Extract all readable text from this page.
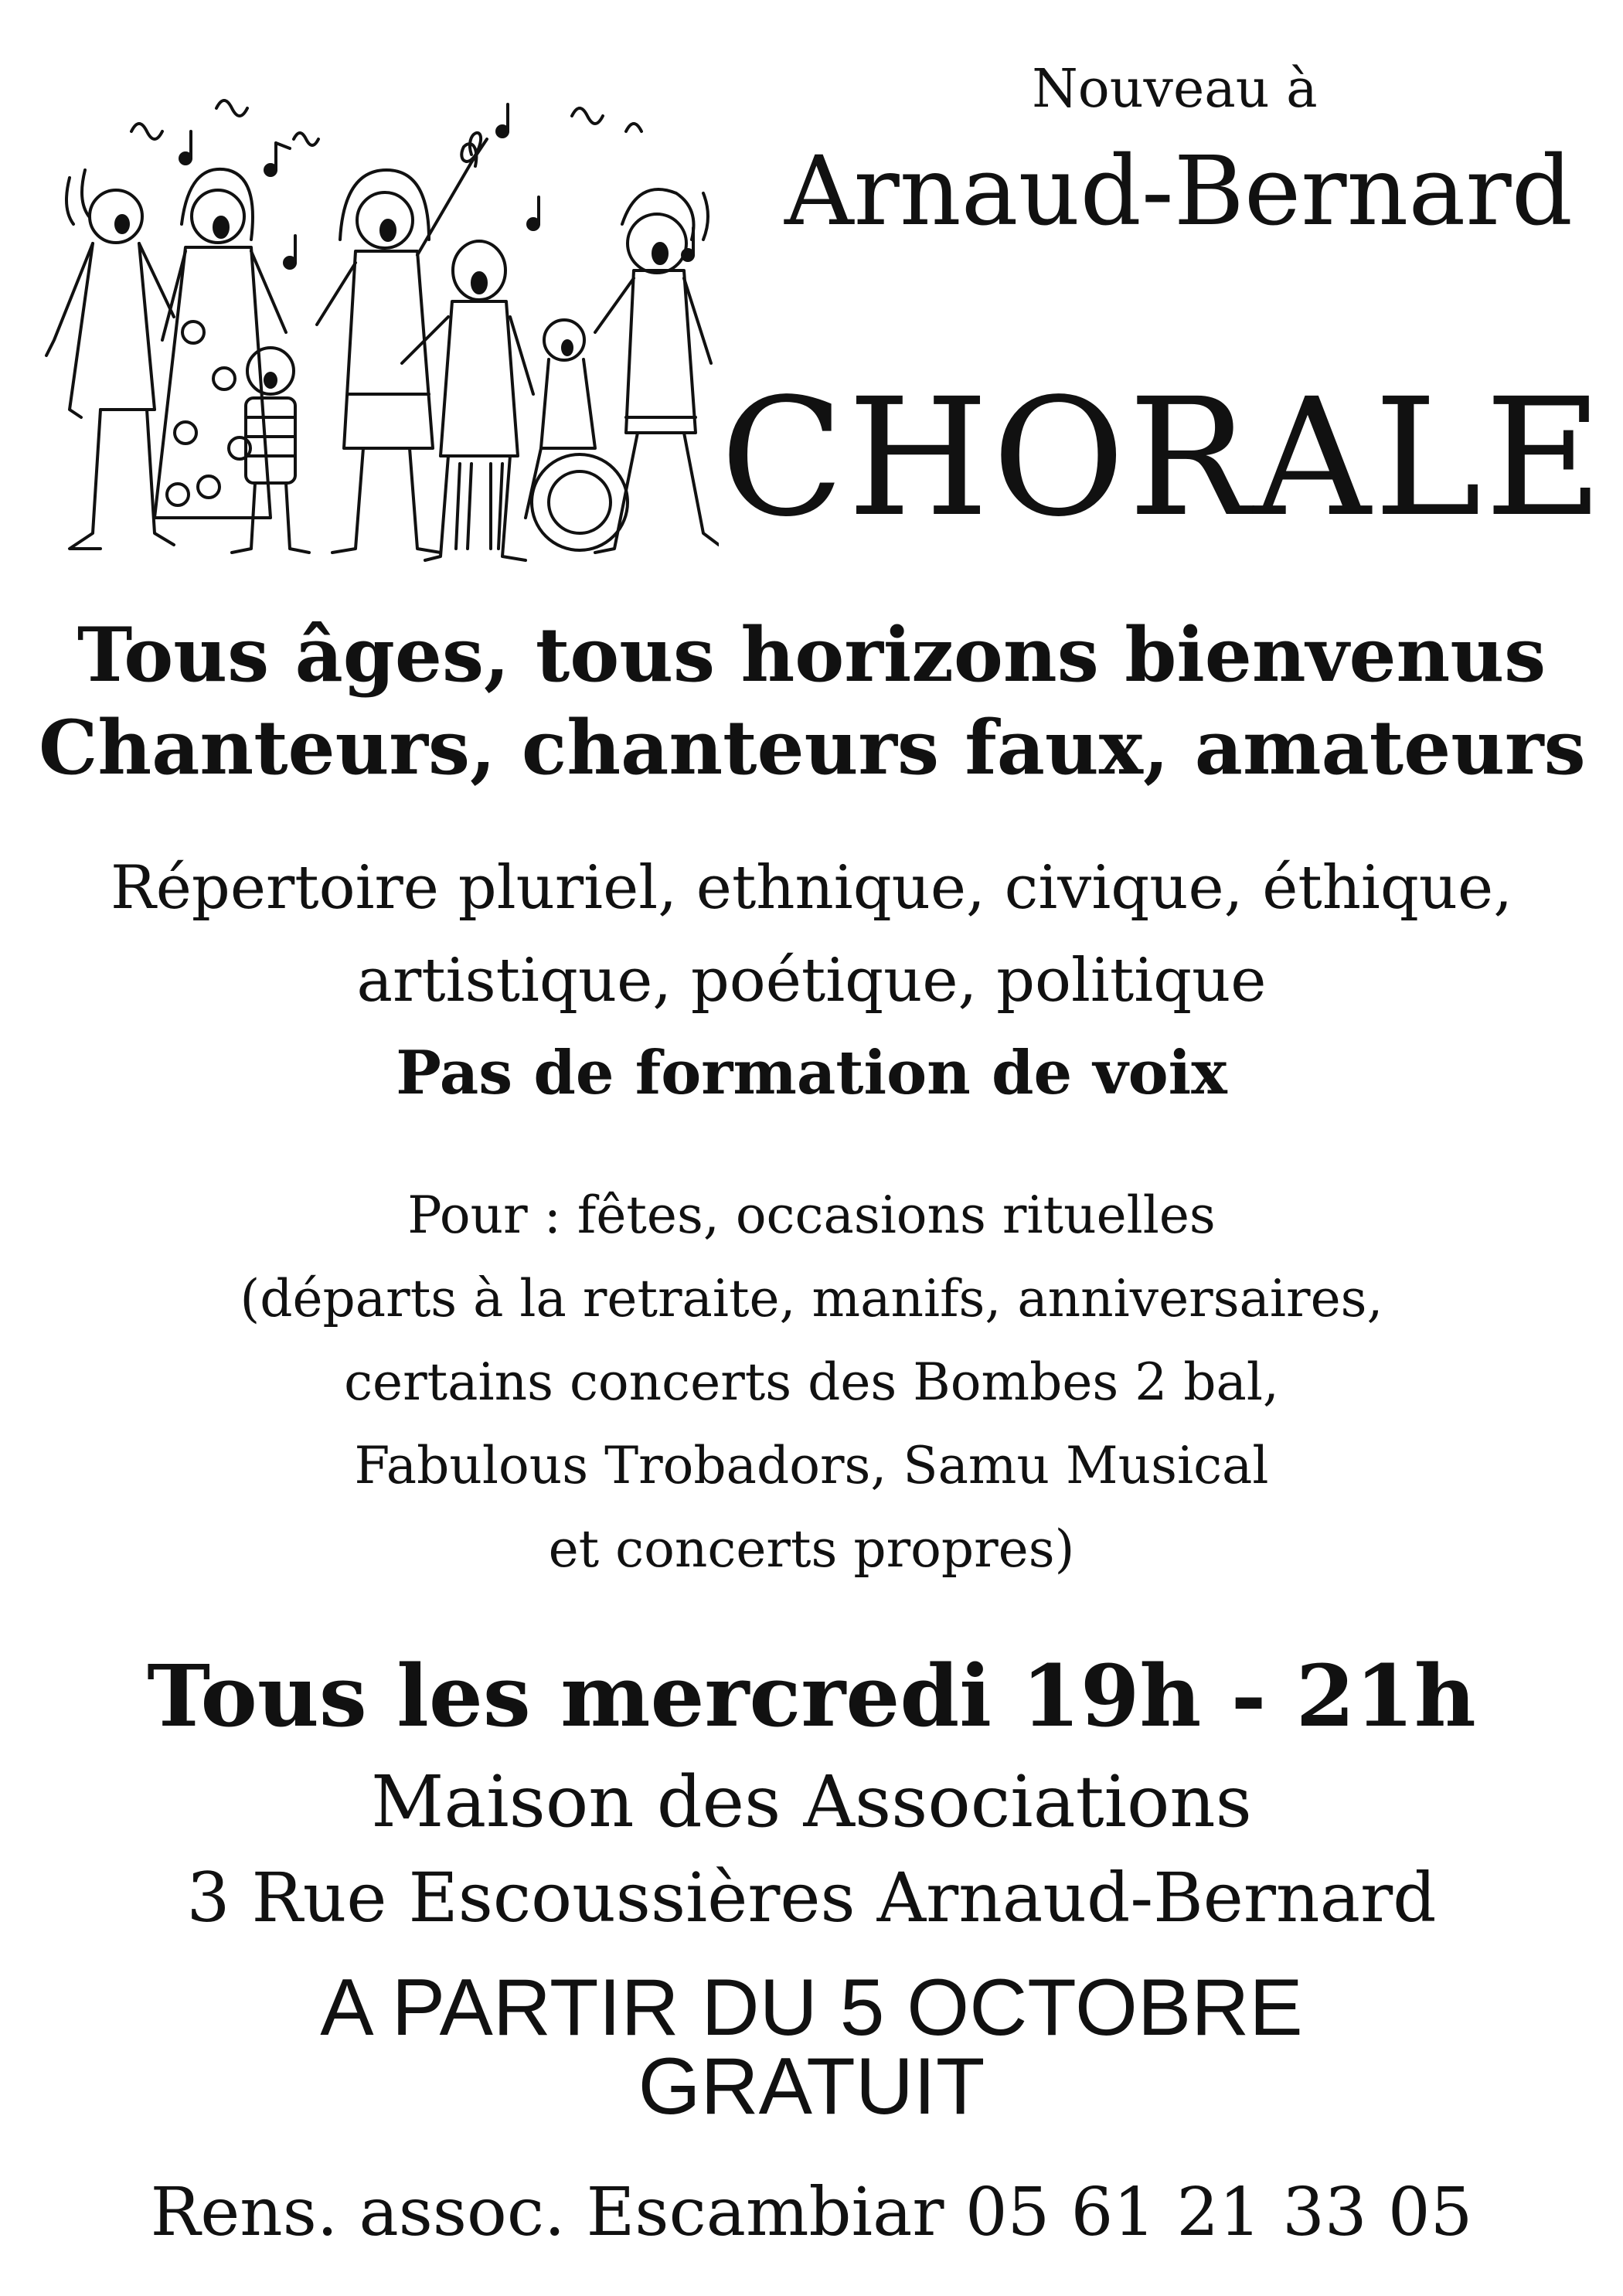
Nouveau à
Arnaud-Bernard
CHORALE
Tous âges, tous horizons bienvenus
Chanteurs, chanteurs faux, amateurs
Répertoire pluriel, ethnique, civique, éthique,
artistique, poétique, politique
Pas de formation de voix
Pour : fêtes, occasions rituelles
(départs à la retraite, manifs, anniversaires,
certains concerts des Bombes 2 bal,
Fabulous Trobadors, Samu Musical
et concerts propres)
Tous les mercredi 19h - 21h
Maison des Associations
3 Rue Escoussières Arnaud-Bernard
A PARTIR DU 5 OCTOBRE
GRATUIT
Rens. assoc. Escambiar 05 61 21 33 05
